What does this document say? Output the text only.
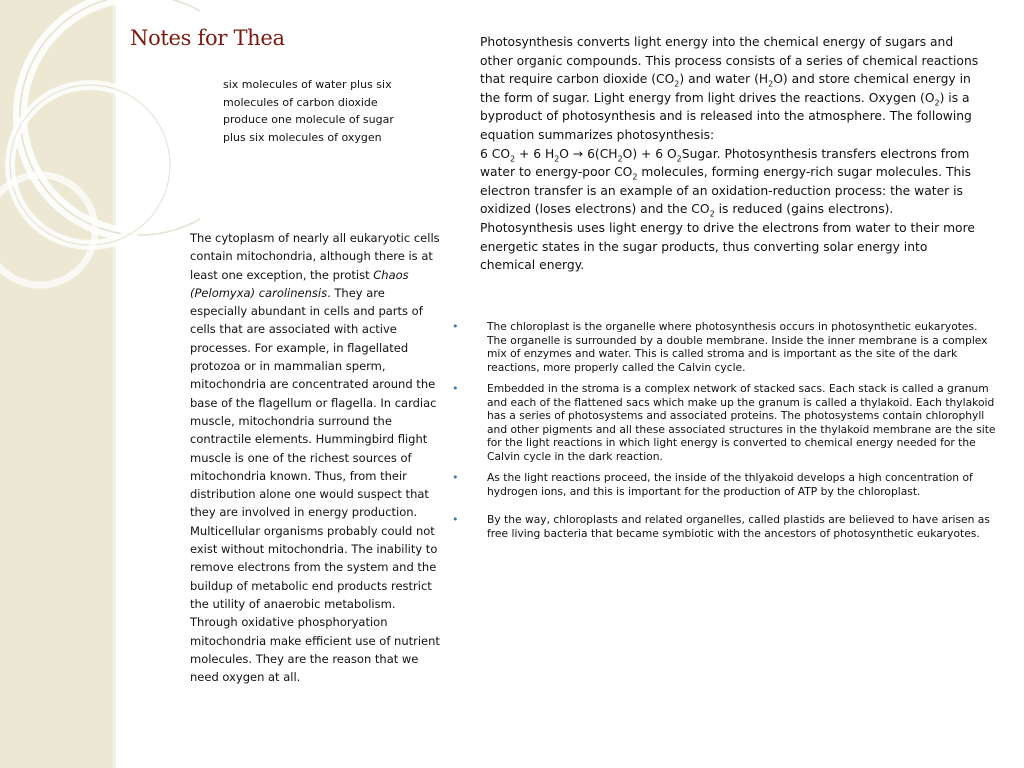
Notes for Thea
six molecules of water plus six molecules of carbon dioxide produce one molecule of sugar plus six molecules of oxygen
The cytoplasm of nearly all eukaryotic cells contain mitochondria, although there is at least one exception, the protist Chaos (Pelomyxa) carolinensis. They are especially abundant in cells and parts of cells that are associated with active processes. For example, in flagellated protozoa or in mammalian sperm, mitochondria are concentrated around the base of the flagellum or flagella. In cardiac muscle, mitochondria surround the contractile elements. Hummingbird flight muscle is one of the richest sources of mitochondria known. Thus, from their distribution alone one would suspect that they are involved in energy production. Multicellular organisms probably could not exist without mitochondria. The inability to remove electrons from the system and the buildup of metabolic end products restrict the utility of anaerobic metabolism. Through oxidative phosphoryation mitochondria make efficient use of nutrient molecules. They are the reason that we need oxygen at all.
Photosynthesis converts light energy into the chemical energy of sugars and other organic compounds. This process consists of a series of chemical reactions that require carbon dioxide $(CO_2)$ and water $(H_2O)$ and store chemical energy in the form of sugar. Light energy from light drives the reactions. Oxygen $(O_2)$ is a byproduct of photosynthesis and is released into the atmosphere. The following equation summarizes photosynthesis:
6 $CO_2 + 6$ $H_2O \to 6(CH_2O) + 6$ $O_2Sugar$. Photosynthesis transfers electrons from water to energy-poor $CO_2$ molecules, forming energy-rich sugar molecules. This electron transfer is an example of an oxidation-reduction process: the water is oxidized (loses electrons) and the $CO_2$ is reduced (gains electrons). Photosynthesis uses light energy to drive the electrons from water to their more energetic states in the sugar products, thus converting solar energy into chemical energy.
•	The chloroplast is the organelle where photosynthesis occurs in photosynthetic eukaryotes. The organelle is surrounded by a double membrane. Inside the inner membrane is a complex mix of enzymes and water. This is called stroma and is important as the site of the dark reactions, more properly called the Calvin cycle.
•	Embedded in the stroma is a complex network of stacked sacs. Each stack is called a granum and each of the flattened sacs which make up the granum is called a thylakoid. Each thylakoid has a series of photosystems and associated proteins. The photosystems contain chlorophyll and other pigments and all these associated structures in the thylakoid membrane are the site for the light reactions in which light energy is converted to chemical energy needed for the Calvin cycle in the dark reaction.
•	As the light reactions proceed, the inside of the thlyakoid develops a high concentration of hydrogen ions, and this is important for the production of ATP by the chloroplast.
•	By the way, chloroplasts and related organelles, called plastids are believed to have arisen as free living bacteria that became symbiotic with the ancestors of photosynthetic eukaryotes.
